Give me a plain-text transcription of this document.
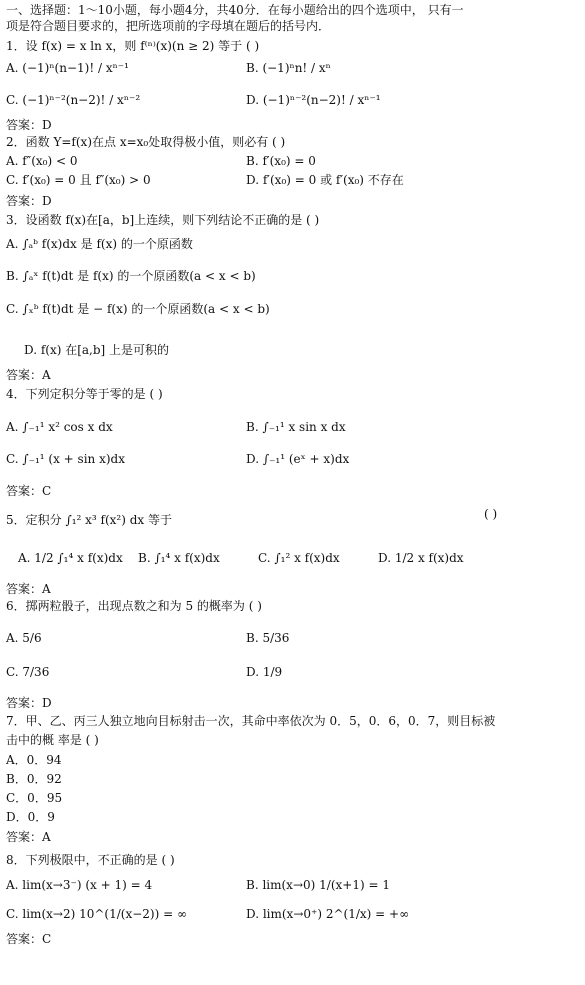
一、选择题：1～10小题，每小题4分，共40分．在每小题给出的四个选项中， 只有一
项是符合题目要求的，把所选项前的字母填在题后的括号内．
1．设 f(x) = x ln x，则 f⁽ⁿ⁾(x)(n ≥ 2) 等于 ( )
A. (−1)ⁿ(n−1)! / xⁿ⁻¹	B. (−1)ⁿn! / xⁿ
C. (−1)ⁿ⁻²(n−2)! / xⁿ⁻²	D. (−1)ⁿ⁻²(n−2)! / xⁿ⁻¹
答案：D
2．函数 Y=f(x)在点 x=x₀处取得极小值，则必有 ( )
A. f″(x₀) < 0	B. f′(x₀) = 0
C. f′(x₀) = 0 且 f″(x₀) > 0	D. f′(x₀) = 0 或 f′(x₀) 不存在
答案：D
3．设函数 f(x)在[a，b]上连续，则下列结论不正确的是 ( )
A. ∫ₐᵇ f(x)dx 是 f(x) 的一个原函数
B. ∫ₐˣ f(t)dt 是 f(x) 的一个原函数(a < x < b)
C. ∫ₓᵇ f(t)dt 是 − f(x) 的一个原函数(a < x < b)
D. f(x) 在[a,b] 上是可积的
答案：A
4．下列定积分等于零的是 ( )
A. ∫₋₁¹ x² cos x dx	B. ∫₋₁¹ x sin x dx
C. ∫₋₁¹ (x + sin x)dx	D. ∫₋₁¹ (eˣ + x)dx
答案：C
5．定积分 ∫₁² x³ f(x²) dx 等于	( )
A. 1/2 ∫₁⁴ x f(x)dx B. ∫₁⁴ x f(x)dx	C. ∫₁² x f(x)dx	D. 1/2 x f(x)dx
答案：A
6．掷两粒骰子，出现点数之和为 5 的概率为 ( )
A. 5/6	B. 5/36
C. 7/36	D. 1/9
答案：D
7．甲、乙、丙三人独立地向目标射击一次，其命中率依次为 0．5，0．6，0．7，则目标被
击中的概 率是 ( )
A．0．94
B．0．92
C．0．95
D．0．9
答案：A
8．下列极限中，不正确的是 ( )
A. lim(x→3⁻) (x + 1) = 4	B. lim(x→0) 1/(x+1) = 1
C. lim(x→2) 10^(1/(x−2)) = ∞	D. lim(x→0⁺) 2^(1/x) = +∞
答案：C
